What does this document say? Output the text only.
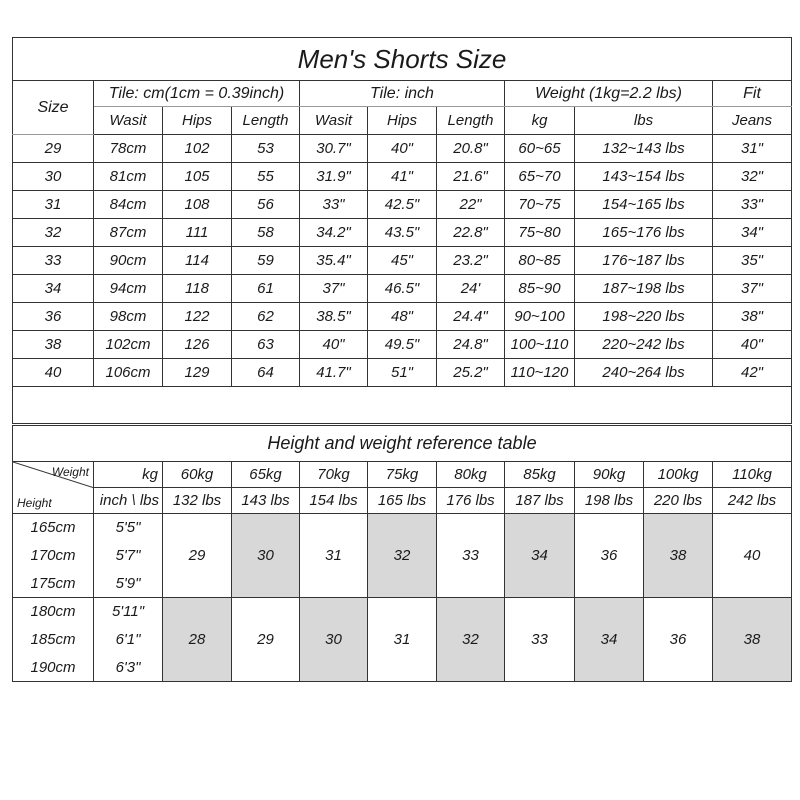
Men's Shorts Size									
Size	Tile: cm(1cm = 0.39inch)			Tile: inch			Weight (1kg=2.2 lbs)		Fit
	Wasit	Hips	Length	Wasit	Hips	Length	kg	lbs	Jeans
29	78cm	102	53	30.7"	40"	20.8"	60~65	132~143 lbs	31"
30	81cm	105	55	31.9"	41"	21.6"	65~70	143~154 lbs	32"
31	84cm	108	56	33"	42.5"	22"	70~75	154~165 lbs	33"
32	87cm	111	58	34.2"	43.5"	22.8"	75~80	165~176 lbs	34"
33	90cm	114	59	35.4"	45"	23.2"	80~85	176~187 lbs	35"
34	94cm	118	61	37"	46.5"	24'	85~90	187~198 lbs	37"
36	98cm	122	62	38.5"	48"	24.4"	90~100	198~220 lbs	38"
38	102cm	126	63	40"	49.5"	24.8"	100~110	220~242 lbs	40"
40	106cm	129	64	41.7"	51"	25.2"	110~120	240~264 lbs	42"

Height and weight reference table										

Weight
Height	kg	60kg	65kg	70kg	75kg	80kg	85kg	90kg	100kg	110kg
	inch \ lbs	132 lbs	143 lbs	154 lbs	165 lbs	176 lbs	187 lbs	198 lbs	220 lbs	242 lbs
165cm	5'5"	29	30	31	32	33	34	36	38	40
170cm	5'7"									
175cm	5'9"									
180cm	5'11"	28	29	30	31	32	33	34	36	38
185cm	6'1"									
190cm	6'3"									
